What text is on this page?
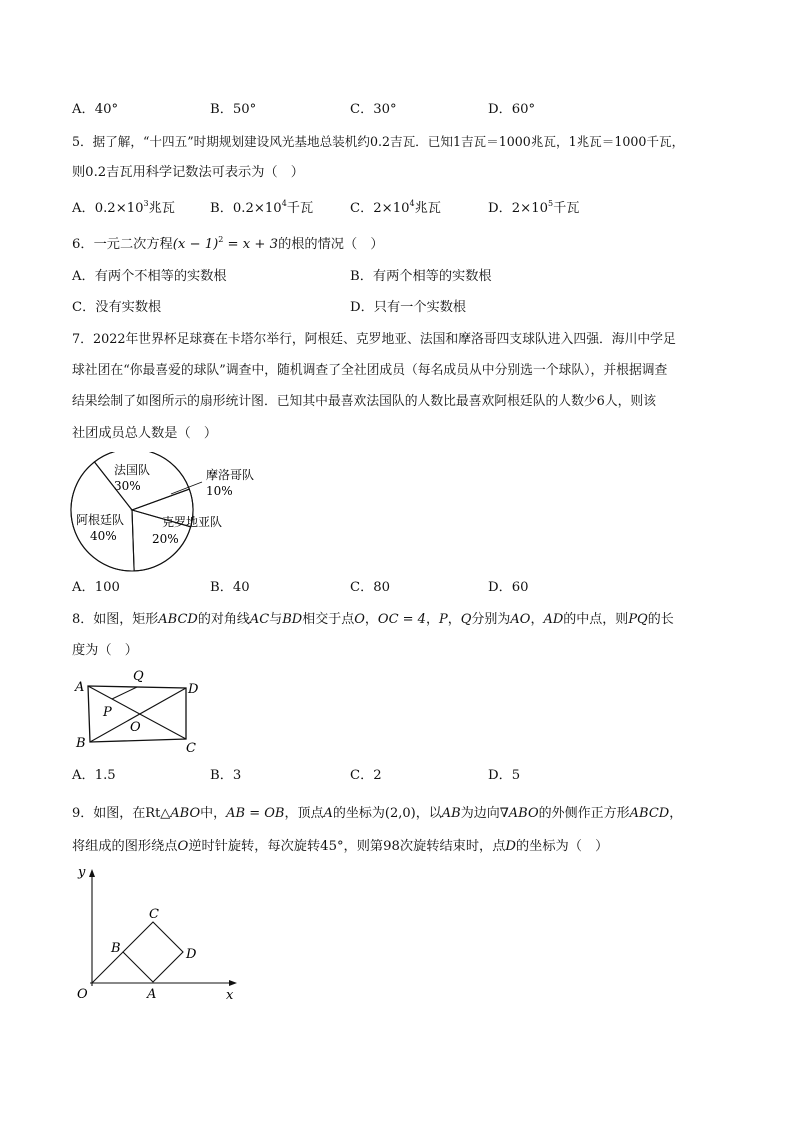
A．40°	B．50°	C．30°	D．60°
5．据了解，“十四五”时期规划建设风光基地总装机约0.2吉瓦．已知1吉瓦＝1000兆瓦，1兆瓦＝1000千瓦，
则0.2吉瓦用科学记数法可表示为（　）
A．$0.2\times 10^3$兆瓦	B．$0.2\times 10^4$千瓦	C．$2\times 10^4$兆瓦	D．$2\times 10^5$千瓦
6．一元二次方程$(x - 1)^2 = x + 3$的根的情况（　）
A．有两个不相等的实数根	B．有两个相等的实数根
C．没有实数根	D．只有一个实数根
7．2022年世界杯足球赛在卡塔尔举行，阿根廷、克罗地亚、法国和摩洛哥四支球队进入四强．海川中学足
球社团在“你最喜爱的球队”调查中，随机调查了全社团成员（每名成员从中分别选一个球队），并根据调查
结果绘制了如图所示的扇形统计图．已知其中最喜欢法国队的人数比最喜欢阿根廷队的人数少6人，则该
社团成员总人数是（　）
法国队
30%
摩洛哥队
10%
阿根廷队
40%
克罗地亚队
20%
A．100	B．40	C．80	D．60
8．如图，矩形ABCD的对角线AC与BD相交于点O，OC = 4，P，Q分别为AO，AD的中点，则PQ的长
度为（　）
A
Q
D
P
O
B	C
A．1.5	B．3	C．2	D．5
9．如图，在Rt△ABO中，AB = OB，顶点A的坐标为(2,0)，以AB为边向∇ABO的外侧作正方形ABCD，
将组成的图形绕点O逆时针旋转，每次旋转45°，则第98次旋转结束时，点D的坐标为（　）
y
x
O	A
B
C
D
